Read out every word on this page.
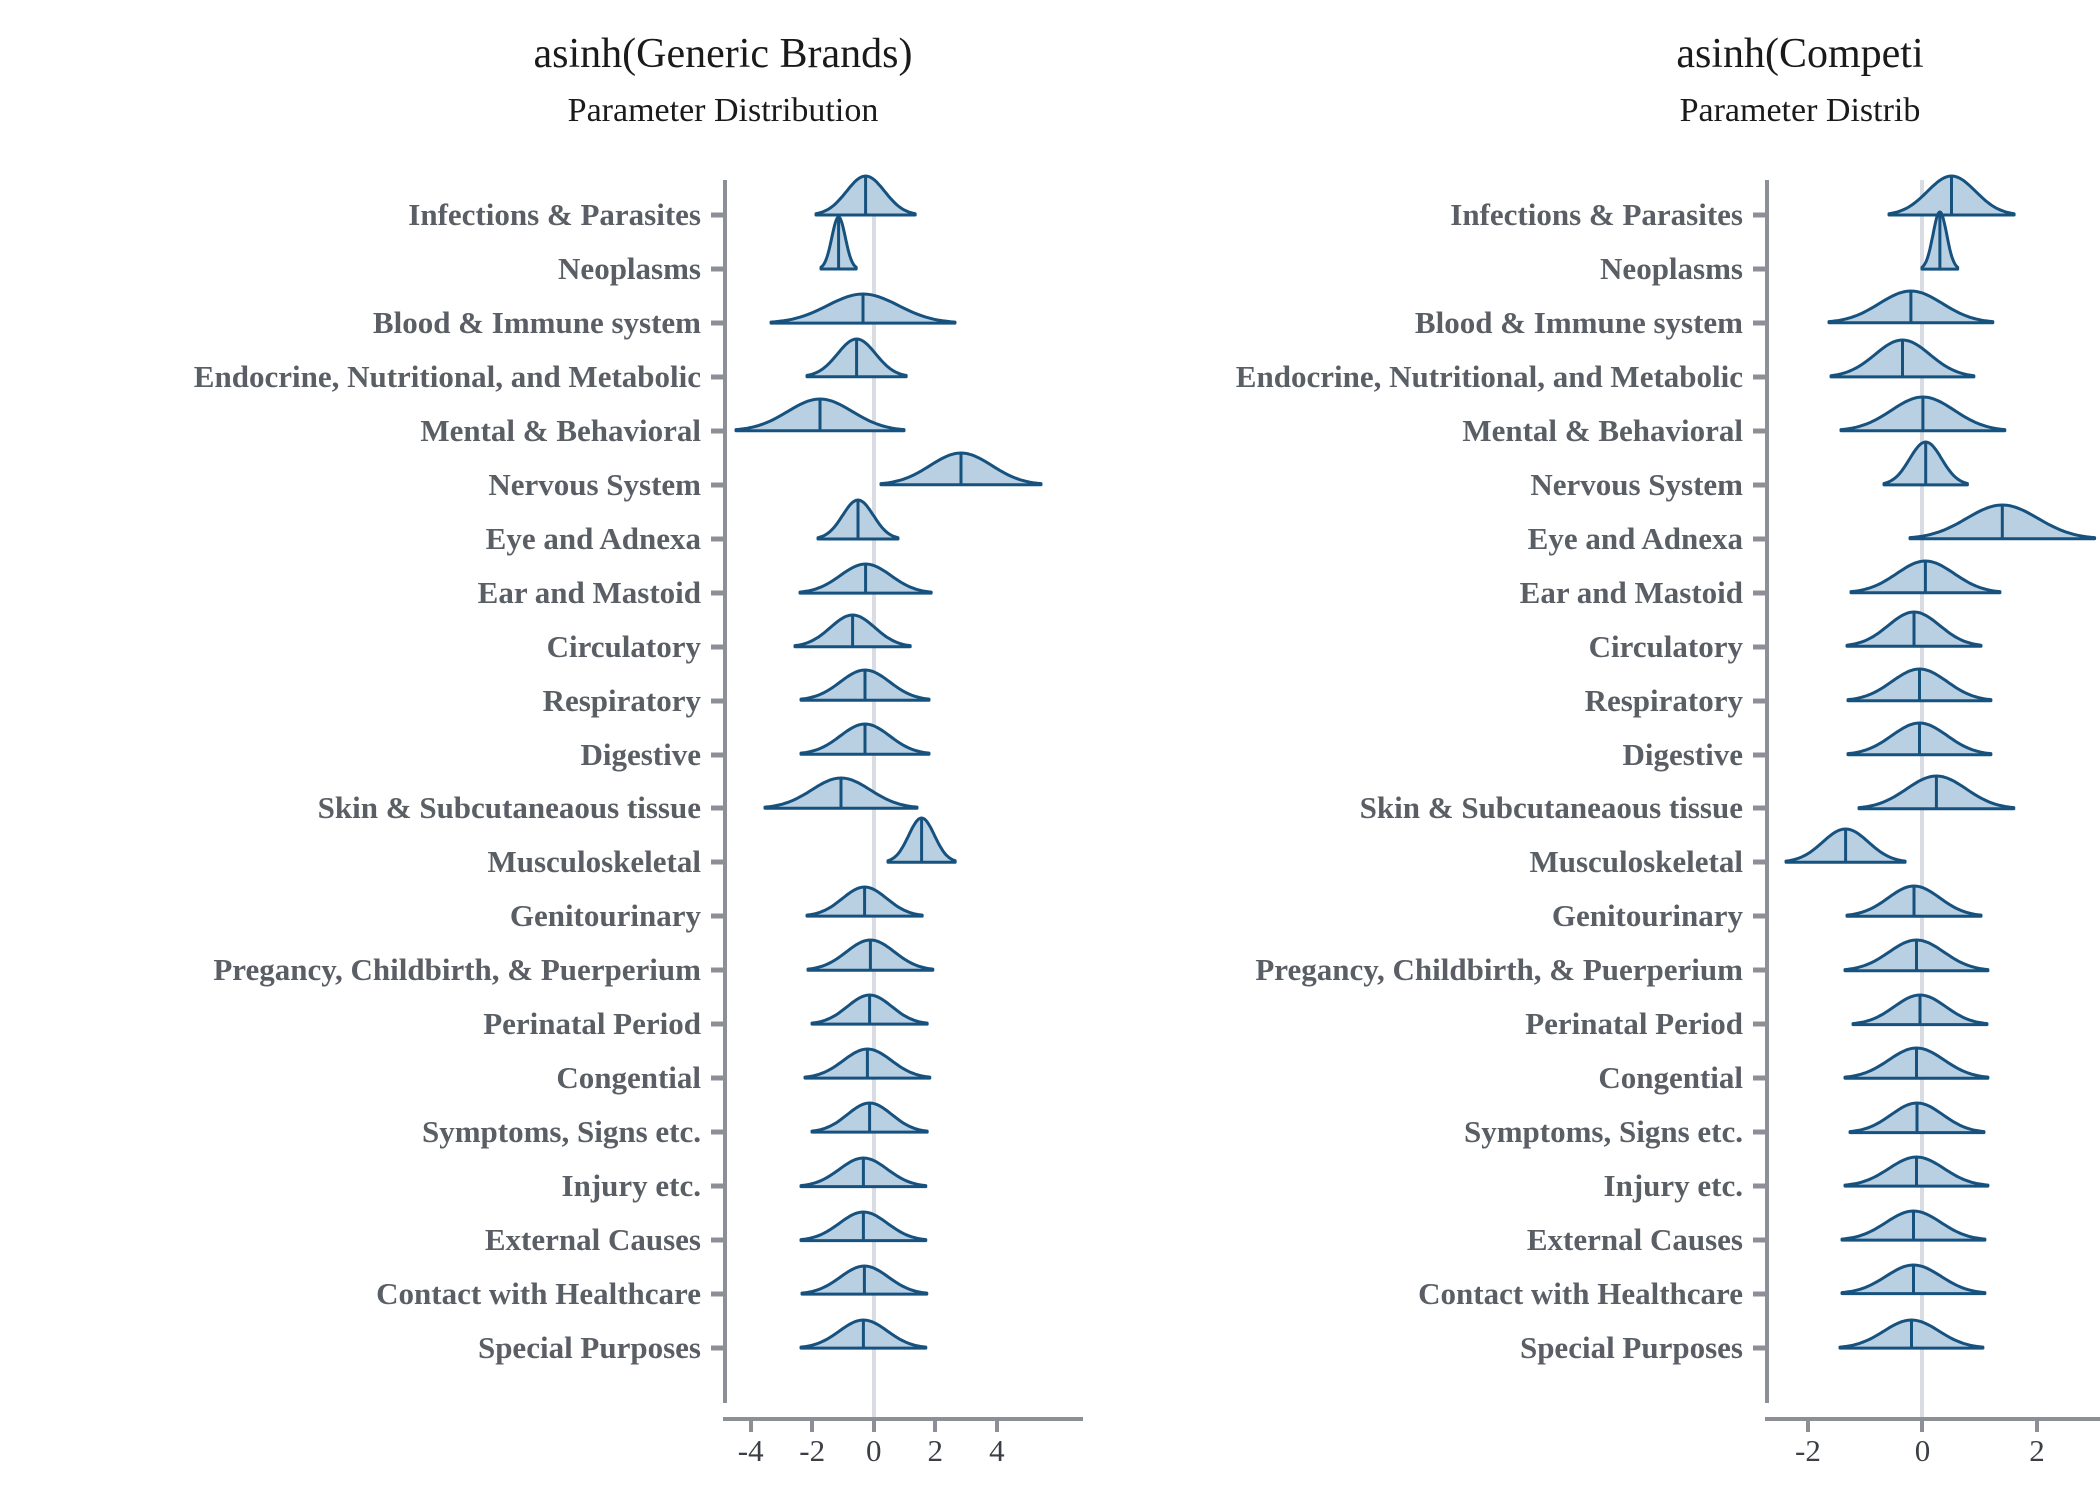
asinh(Generic Brands)
Parameter Distribution
-4 -2 0 2 4
Infections & Parasites
Neoplasms
Blood & Immune system
Endocrine, Nutritional, and Metabolic
Mental & Behavioral
Nervous System
Eye and Adnexa
Ear and Mastoid
Circulatory
Respiratory
Digestive
Skin & Subcutaneaous tissue
Musculoskeletal
Genitourinary
Pregancy, Childbirth, & Puerperium
Perinatal Period
Congential
Symptoms, Signs etc.
Injury etc.
External Causes
Contact with Healthcare
Special Purposes
asinh(Competi
Parameter Distrib
-2	0	2
Infections & Parasites
Neoplasms
Blood & Immune system
Endocrine, Nutritional, and Metabolic
Mental & Behavioral
Nervous System
Eye and Adnexa
Ear and Mastoid
Circulatory
Respiratory
Digestive
Skin & Subcutaneaous tissue
Musculoskeletal
Genitourinary
Pregancy, Childbirth, & Puerperium
Perinatal Period
Congential
Symptoms, Signs etc.
Injury etc.
External Causes
Contact with Healthcare
Special Purposes
